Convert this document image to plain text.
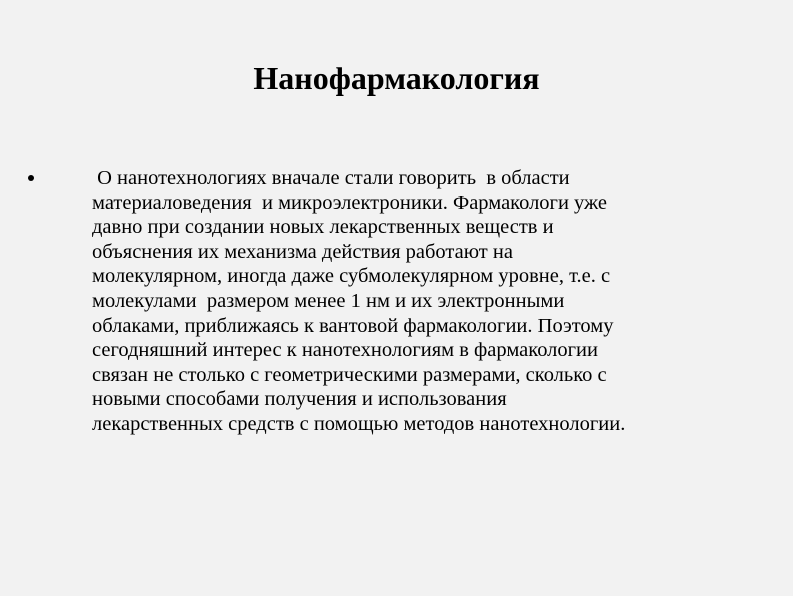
Нанофармакология
О нанотехнологиях вначале стали говорить  в области
материаловедения  и микроэлектроники. Фармакологи уже
давно при создании новых лекарственных веществ и
объяснения их механизма действия работают на
молекулярном, иногда даже субмолекулярном уровне, т.е. с
молекулами  размером менее 1 нм и их электронными
облаками, приближаясь к вантовой фармакологии. Поэтому
сегодняшний интерес к нанотехнологиям в фармакологии
связан не столько с геометрическими размерами, сколько с
новыми способами получения и использования
лекарственных средств с помощью методов нанотехнологии.
